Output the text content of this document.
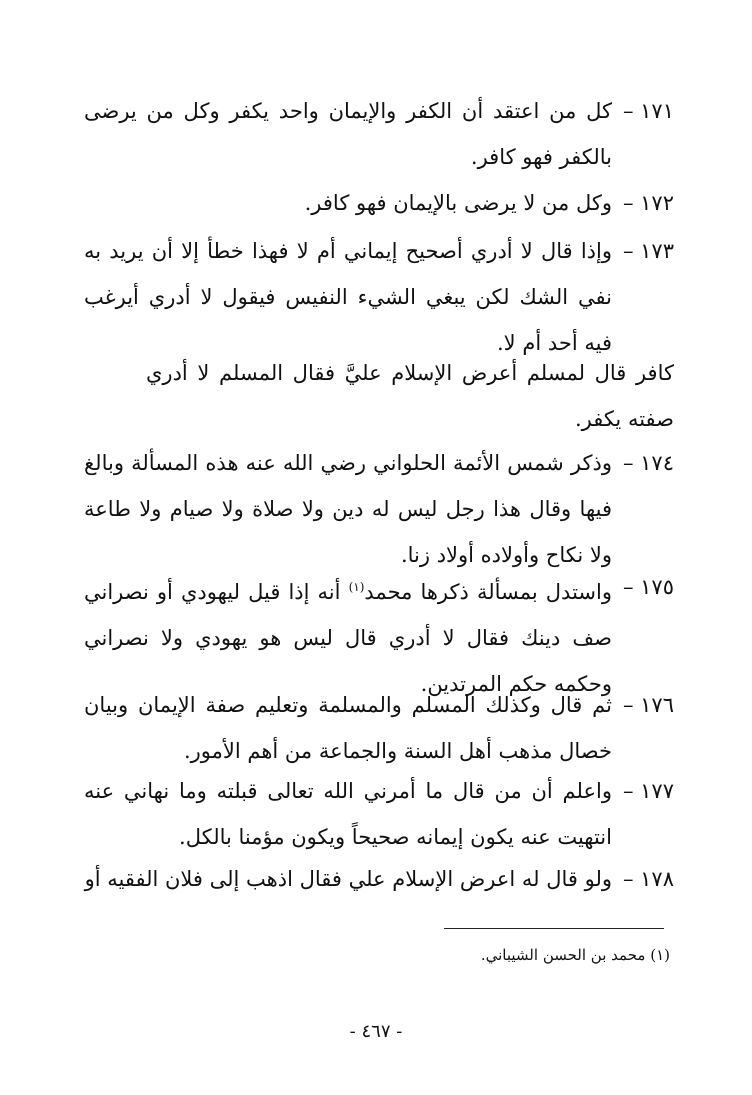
١٧١ –
كل من اعتقد أن الكفر والإيمان واحد يكفر وكل من يرضى بالكفر فهو كافر.
١٧٢ –
وكل من لا يرضى بالإيمان فهو كافر.
١٧٣ –
وإذا قال لا أدري أصحيح إيماني أم لا فهذا خطأ إلا أن يريد به نفي الشك لكن يبغي الشيء النفيس فيقول لا أدري أيرغب فيه أحد أم لا.
كافر قال لمسلم أعرض الإسلام عليَّ فقال المسلم لا أدري صفته يكفر.
١٧٤ –
وذكر شمس الأئمة الحلواني رضي الله عنه هذه المسألة وبالغ فيها وقال هذا رجل ليس له دين ولا صلاة ولا صيام ولا طاعة ولا نكاح وأولاده أولاد زنا.
١٧٥ –
واستدل بمسألة ذكرها محمد$^{(١)}$ أنه إذا قيل ليهودي أو نصراني صف دينك فقال لا أدري قال ليس هو يهودي ولا نصراني وحكمه حكم المرتدين.
١٧٦ –
ثم قال وكذلك المسلم والمسلمة وتعليم صفة الإيمان وبيان خصال مذهب أهل السنة والجماعة من أهم الأمور.
١٧٧ –
واعلم أن من قال ما أمرني الله تعالى قبلته وما نهاني عنه انتهيت عنه يكون إيمانه صحيحاً ويكون مؤمنا بالكل.
١٧٨ –
ولو قال له اعرض الإسلام علي فقال اذهب إلى فلان الفقيه أو
(١) محمد بن الحسن الشيباني.
- ٤٦٧ -
